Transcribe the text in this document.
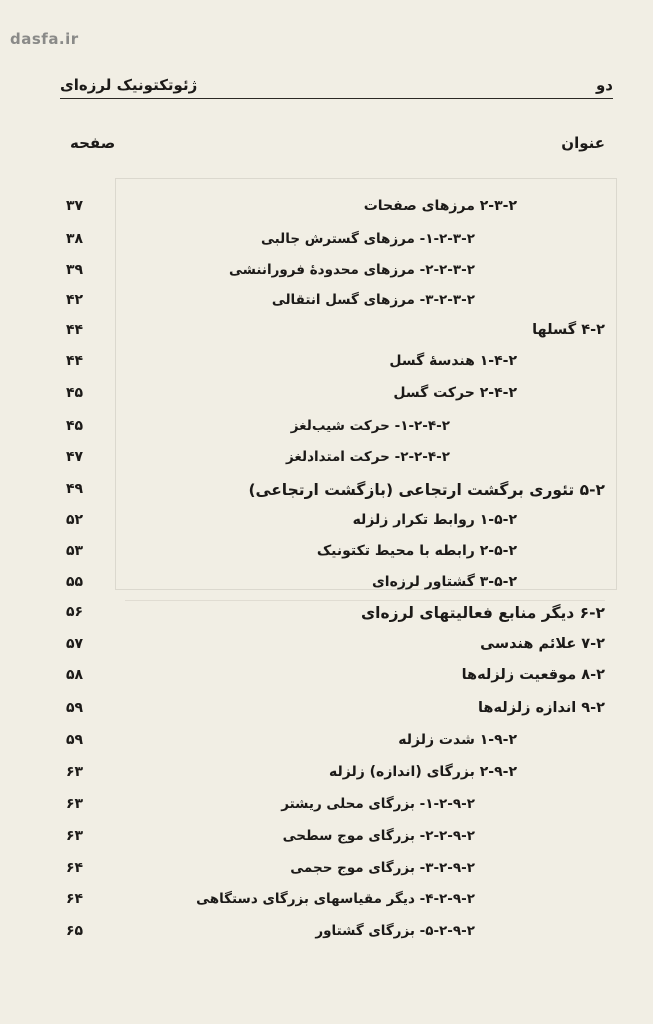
dasfa.ir
دو
ژئوتکتونیک لرزه‌ای
عنوان
صفحه
۲-۳-۲ مرزهای صفحات
۳۷
۱-۲-۳-۲- مرزهای گسترش جالبی
۳۸
۲-۲-۳-۲- مرزهای محدودهٔ فروراننشی
۳۹
۳-۲-۳-۲- مرزهای گسل انتقالی
۴۲
۴-۲ گسلها
۴۴
۱-۴-۲ هندسهٔ گسل
۴۴
۲-۴-۲ حرکت گسل
۴۵
۱-۲-۴-۲- حرکت شیب‌لغز
۴۵
۲-۲-۴-۲- حرکت امتدادلغز
۴۷
۵-۲ تئوری برگشت ارتجاعی (بازگشت ارتجاعی)
۴۹
۱-۵-۲ روابط تکرار زلزله
۵۲
۲-۵-۲ رابطه با محیط تکتونیک
۵۳
۳-۵-۲ گشتاور لرزه‌ای
۵۵
۶-۲ دیگر منابع فعالیتهای لرزه‌ای
۵۶
۷-۲ علائم هندسی
۵۷
۸-۲ موقعیت زلزله‌ها
۵۸
۹-۲ اندازه زلزله‌ها
۵۹
۱-۹-۲ شدت زلزله
۵۹
۲-۹-۲ بزرگای (اندازه) زلزله
۶۳
۱-۲-۹-۲- بزرگای محلی ریشتر
۶۳
۲-۲-۹-۲- بزرگای موج سطحی
۶۳
۳-۲-۹-۲- بزرگای موج حجمی
۶۴
۴-۲-۹-۲- دیگر مقیاسهای بزرگای دستگاهی
۶۴
۵-۲-۹-۲- بزرگای گشتاور
۶۵
